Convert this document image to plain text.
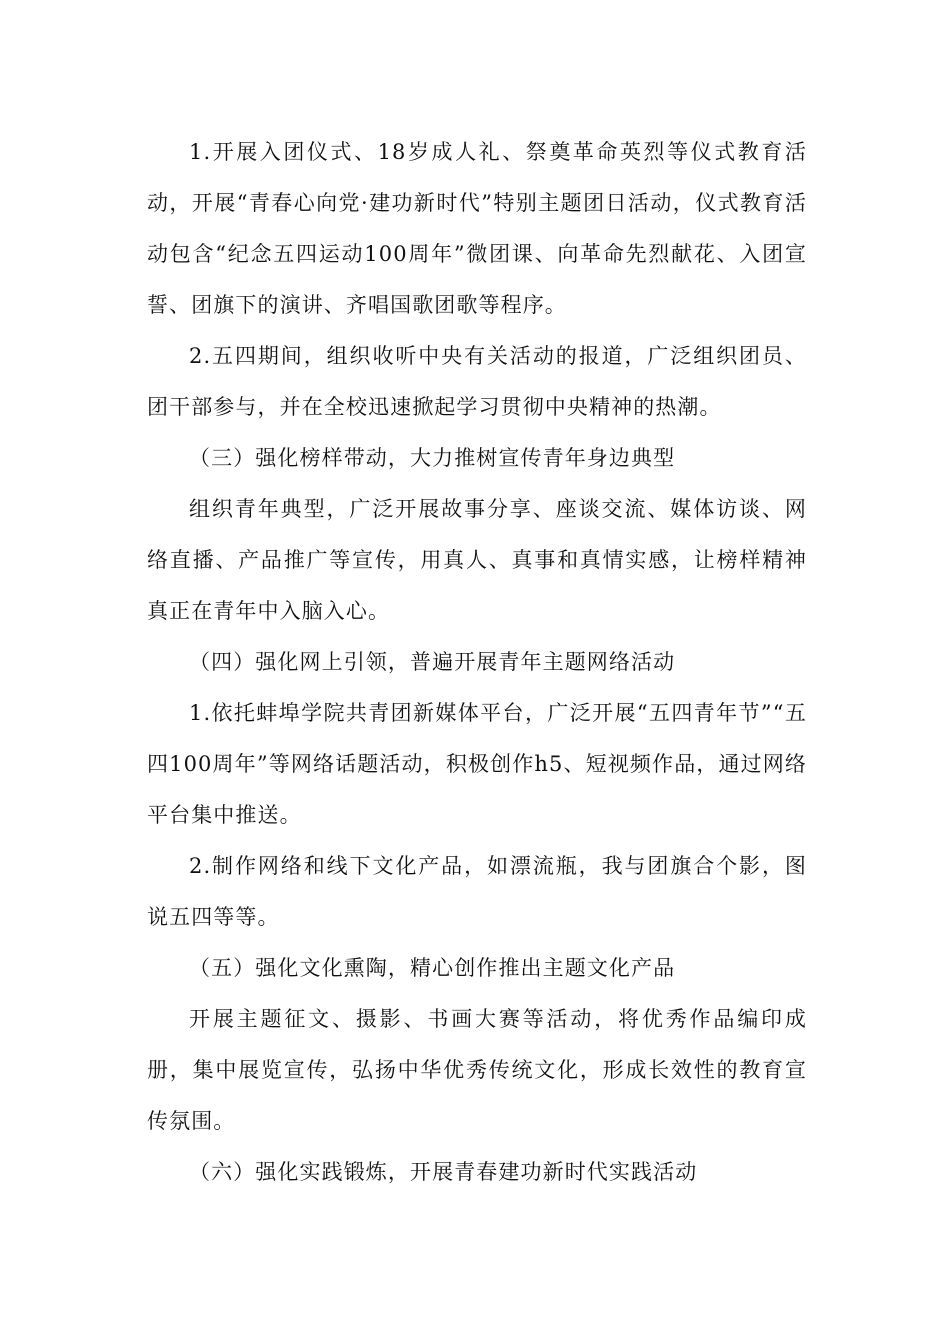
1.开展入团仪式、18岁成人礼、祭奠革命英烈等仪式教育活动，开展“青春心向党·建功新时代”特别主题团日活动，仪式教育活动包含“纪念五四运动100周年”微团课、向革命先烈献花、入团宣誓、团旗下的演讲、齐唱国歌团歌等程序。

2.五四期间，组织收听中央有关活动的报道，广泛组织团员、团干部参与，并在全校迅速掀起学习贯彻中央精神的热潮。

（三）强化榜样带动，大力推树宣传青年身边典型

组织青年典型，广泛开展故事分享、座谈交流、媒体访谈、网络直播、产品推广等宣传，用真人、真事和真情实感，让榜样精神真正在青年中入脑入心。

（四）强化网上引领，普遍开展青年主题网络活动

1.依托蚌埠学院共青团新媒体平台，广泛开展“五四青年节”“五四100周年”等网络话题活动，积极创作h5、短视频作品，通过网络平台集中推送。

2.制作网络和线下文化产品，如漂流瓶，我与团旗合个影，图说五四等等。

（五）强化文化熏陶，精心创作推出主题文化产品

开展主题征文、摄影、书画大赛等活动，将优秀作品编印成册，集中展览宣传，弘扬中华优秀传统文化，形成长效性的教育宣传氛围。

（六）强化实践锻炼，开展青春建功新时代实践活动
